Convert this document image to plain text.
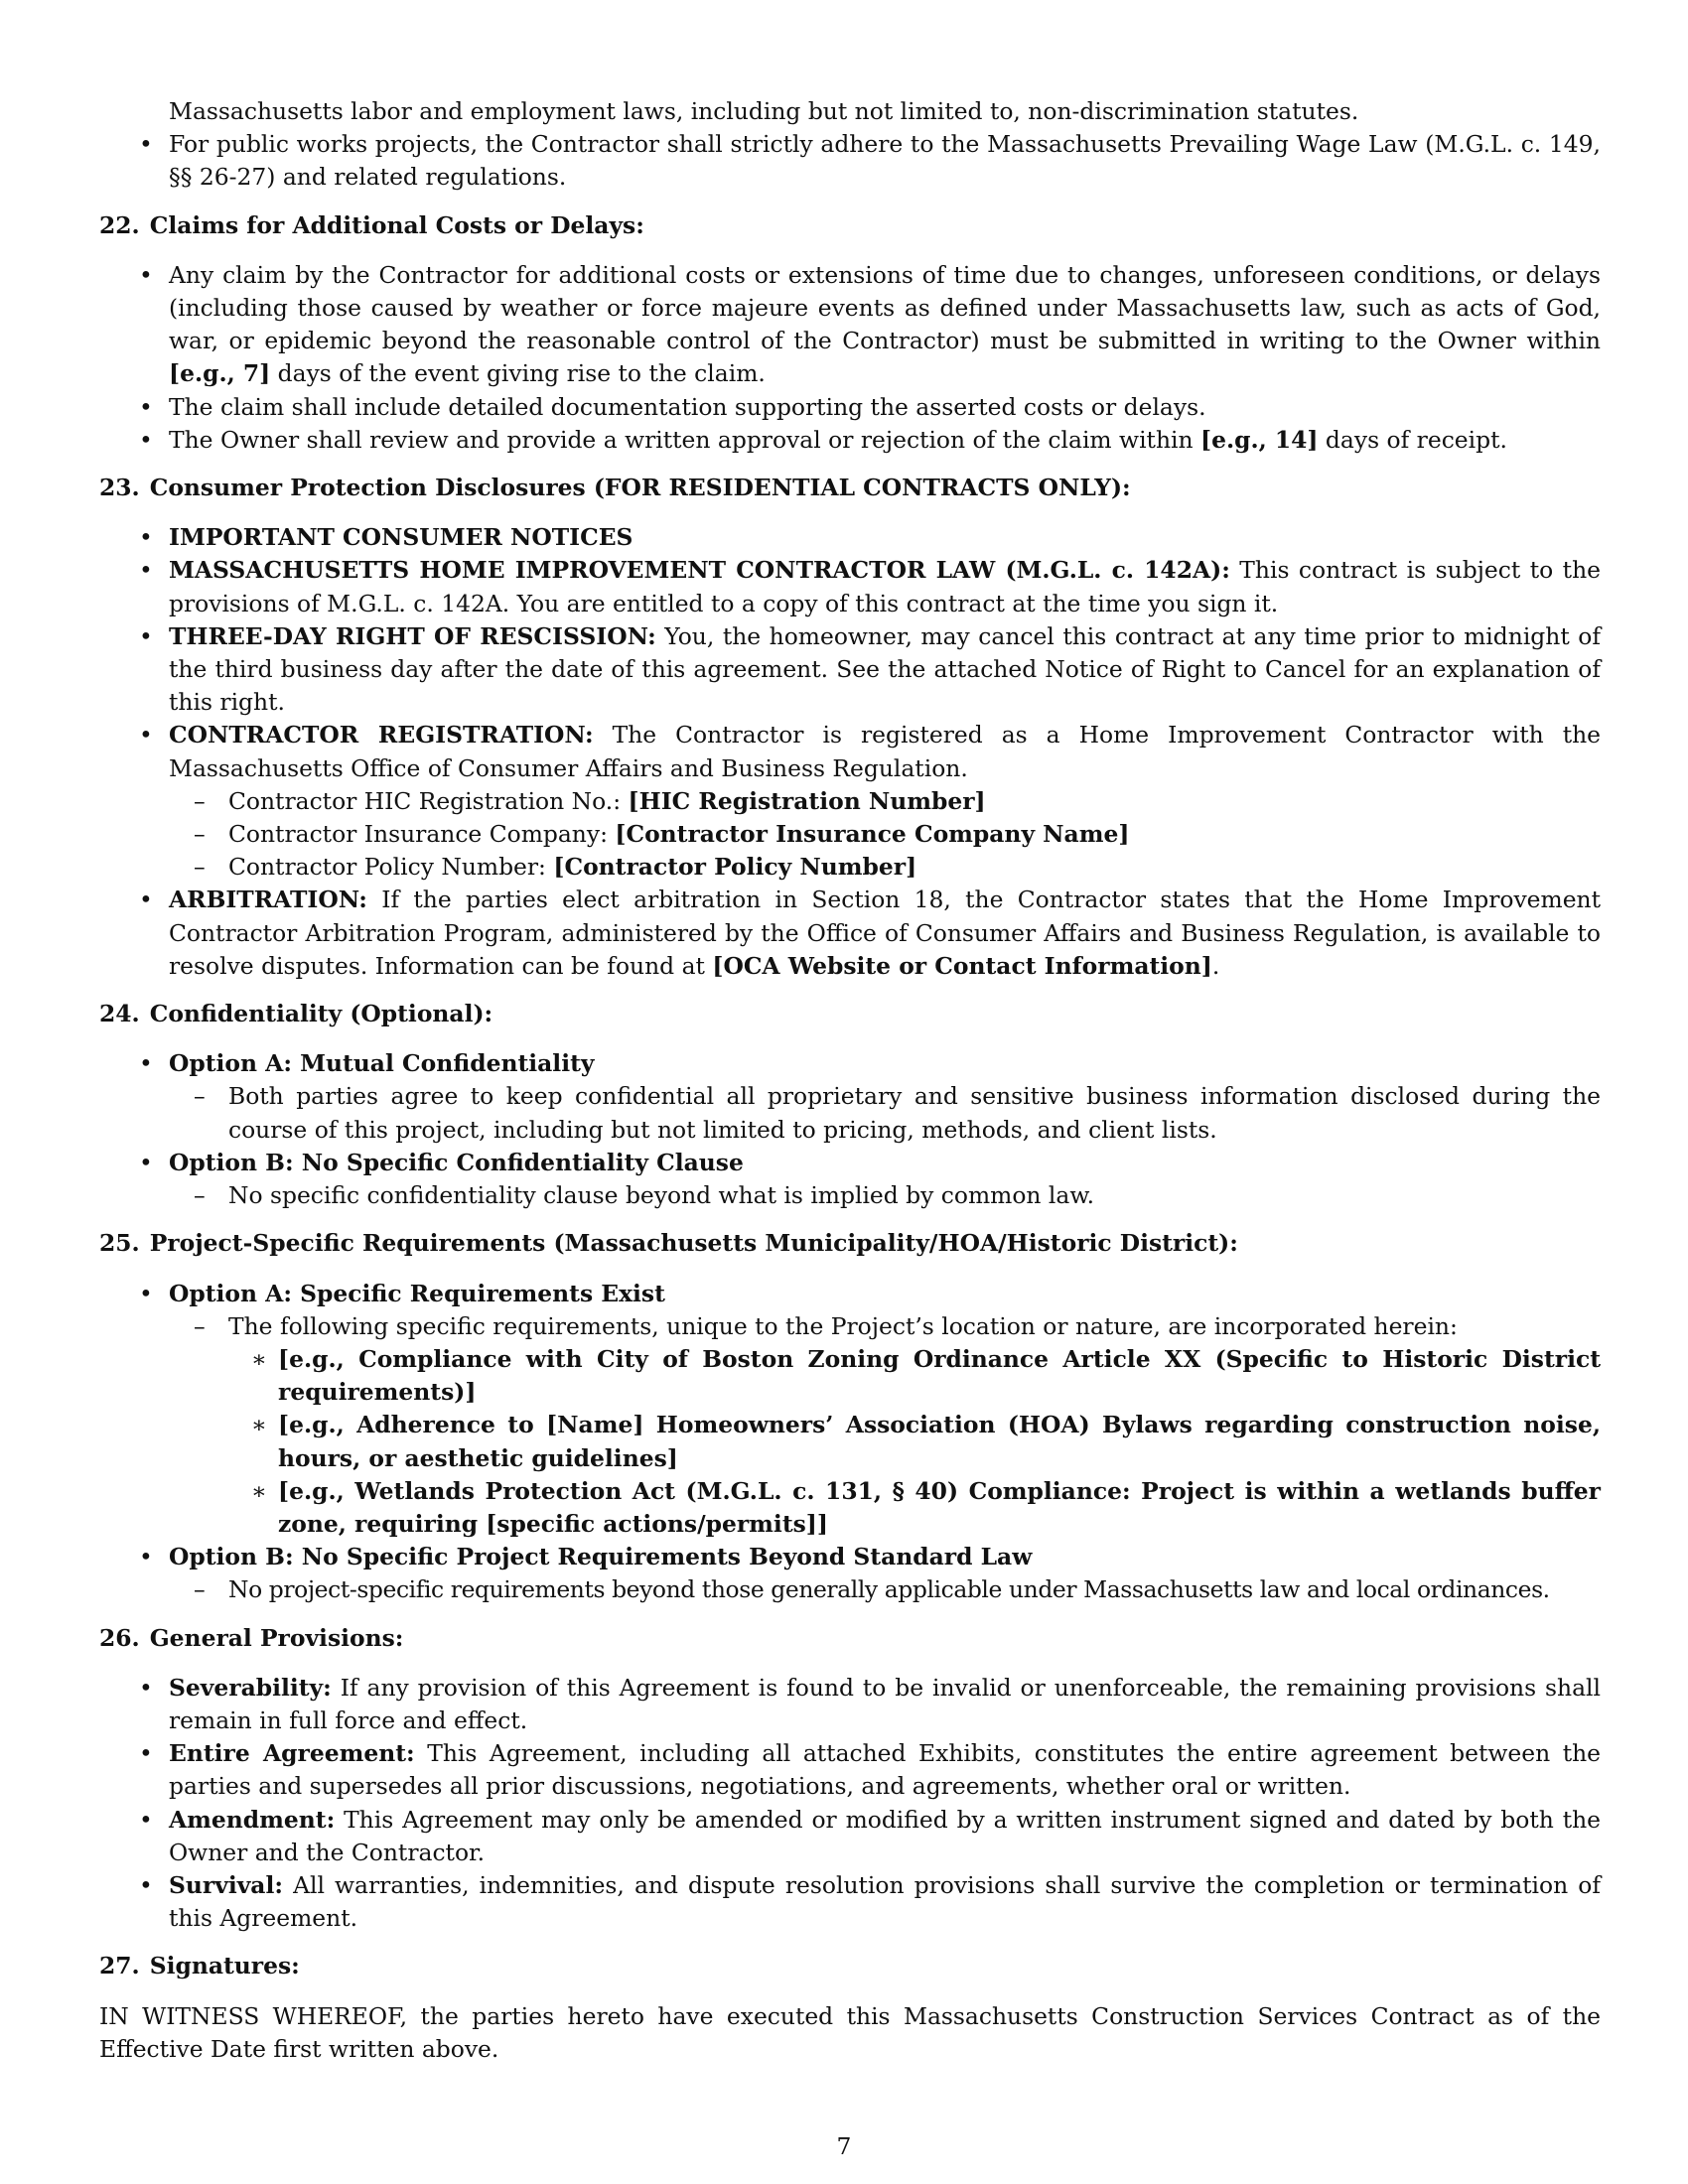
Massachusetts labor and employment laws, including but not limited to, non-discrimination statutes.
• For public works projects, the Contractor shall strictly adhere to the Massachusetts Prevailing Wage Law (M.G.L. c. 149, §§ 26-27) and related regulations.
22. Claims for Additional Costs or Delays:
• Any claim by the Contractor for additional costs or extensions of time due to changes, unforeseen conditions, or delays (including those caused by weather or force majeure events as defined under Massachusetts law, such as acts of God, war, or epidemic beyond the reasonable control of the Contractor) must be submitted in writing to the Owner within [e.g., 7] days of the event giving rise to the claim.
• The claim shall include detailed documentation supporting the asserted costs or delays.
• The Owner shall review and provide a written approval or rejection of the claim within [e.g., 14] days of receipt.
23. Consumer Protection Disclosures (FOR RESIDENTIAL CONTRACTS ONLY):
• IMPORTANT CONSUMER NOTICES
• MASSACHUSETTS HOME IMPROVEMENT CONTRACTOR LAW (M.G.L. c. 142A): This contract is subject to the provisions of M.G.L. c. 142A. You are entitled to a copy of this contract at the time you sign it.
• THREE-DAY RIGHT OF RESCISSION: You, the homeowner, may cancel this contract at any time prior to midnight of the third business day after the date of this agreement. See the attached Notice of Right to Cancel for an explanation of this right.
• CONTRACTOR REGISTRATION: The Contractor is registered as a Home Improvement Contractor with the Massachusetts Office of Consumer Affairs and Business Regulation.
– Contractor HIC Registration No.: [HIC Registration Number]
– Contractor Insurance Company: [Contractor Insurance Company Name]
– Contractor Policy Number: [Contractor Policy Number]
• ARBITRATION: If the parties elect arbitration in Section 18, the Contractor states that the Home Improvement Contractor Arbitration Program, administered by the Office of Consumer Affairs and Business Regulation, is available to resolve disputes. Information can be found at [OCA Website or Contact Information].
24. Confidentiality (Optional):
• Option A: Mutual Confidentiality
– Both parties agree to keep confidential all proprietary and sensitive business information disclosed during the course of this project, including but not limited to pricing, methods, and client lists.
• Option B: No Specific Confidentiality Clause
– No specific confidentiality clause beyond what is implied by common law.
25. Project-Specific Requirements (Massachusetts Municipality/HOA/Historic District):
• Option A: Specific Requirements Exist
– The following specific requirements, unique to the Project’s location or nature, are incorporated herein:
∗ [e.g., Compliance with City of Boston Zoning Ordinance Article XX (Specific to Historic District requirements)]
∗ [e.g., Adherence to [Name] Homeowners’ Association (HOA) Bylaws regarding construction noise, hours, or aesthetic guidelines]
∗ [e.g., Wetlands Protection Act (M.G.L. c. 131, § 40) Compliance: Project is within a wetlands buffer zone, requiring [specific actions/permits]]
• Option B: No Specific Project Requirements Beyond Standard Law
– No project-specific requirements beyond those generally applicable under Massachusetts law and local ordinances.
26. General Provisions:
• Severability: If any provision of this Agreement is found to be invalid or unenforceable, the remaining provisions shall remain in full force and effect.
• Entire Agreement: This Agreement, including all attached Exhibits, constitutes the entire agreement between the parties and supersedes all prior discussions, negotiations, and agreements, whether oral or written.
• Amendment: This Agreement may only be amended or modified by a written instrument signed and dated by both the Owner and the Contractor.
• Survival: All warranties, indemnities, and dispute resolution provisions shall survive the completion or termination of this Agreement.
27. Signatures:
IN WITNESS WHEREOF, the parties hereto have executed this Massachusetts Construction Services Contract as of the Effective Date first written above.
7
